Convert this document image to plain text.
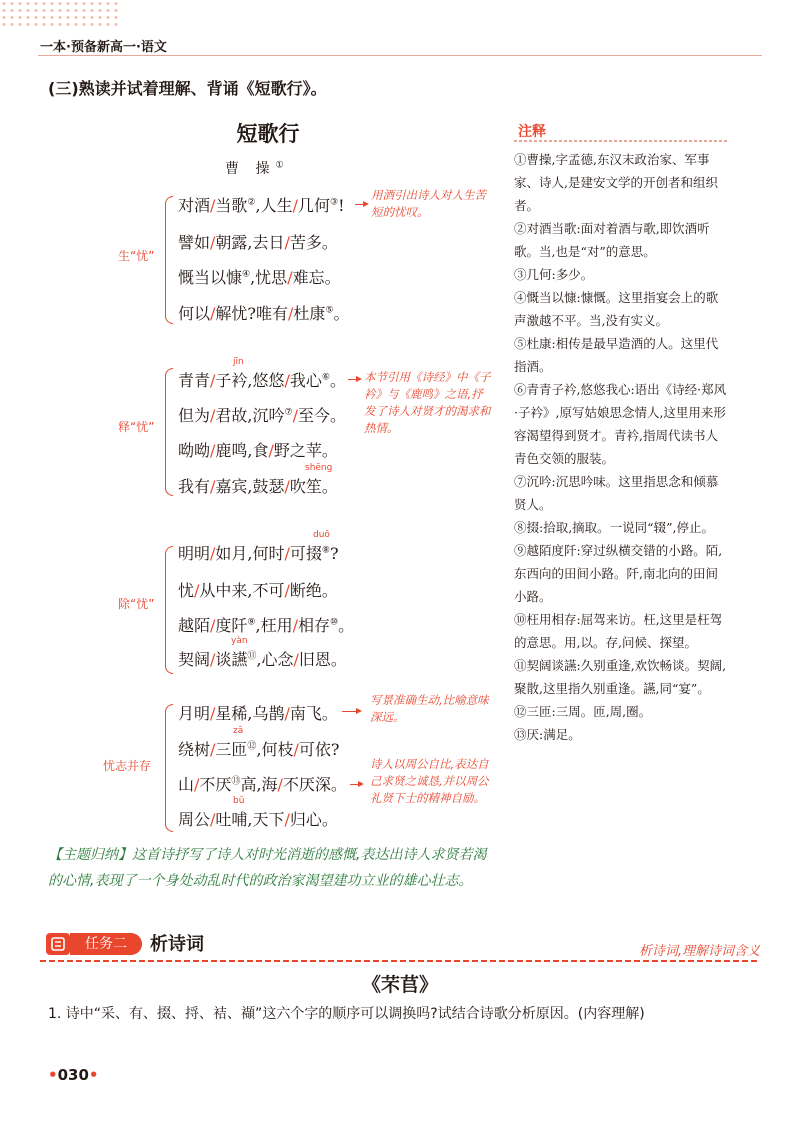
一本·预备新高一·语文
(三)熟读并试着理解、背诵《短歌行》。
短歌行
曹 操①
生“忧”
释“忧”
除“忧”
忧志并存
对酒/当歌②,人生/几何③!
譬如/朝露,去日/苦多。
慨当以慷④,忧思/难忘。
何以/解忧?唯有/杜康⑤。
jīn
青青/子衿,悠悠/我心⑥。
但为/君故,沉吟⑦/至今。
呦呦/鹿鸣,食/野之苹。
shēng
我有/嘉宾,鼓瑟/吹笙。
duō
明明/如月,何时/可掇⑧?
忧/从中来,不可/断绝。
越陌/度阡⑨,枉用/相存⑩。
yàn
契阔/谈讌⑪,心念/旧恩。
月明/星稀,乌鹊/南飞。
zā
绕树/三匝⑫,何枝/可依?
山/不厌⑬高,海/不厌深。
bǔ
周公/吐哺,天下/归心。
用酒引出诗人对人生苦短的忧叹。
本节引用《诗经》中《子衿》与《鹿鸣》之语,抒发了诗人对贤才的渴求和热情。
写景准确生动,比喻意味深远。
诗人以周公自比,表达自己求贤之诚恳,并以周公礼贤下士的精神自励。
注释

①曹操,字孟德,东汉末政治家、军事家、诗人,是建安文学的开创者和组织者。

②对酒当歌:面对着酒与歌,即饮酒听歌。当,也是“对”的意思。

③几何:多少。

④慨当以慷:慷慨。这里指宴会上的歌声激越不平。当,没有实义。

⑤杜康:相传是最早造酒的人。这里代指酒。

⑥青青子衿,悠悠我心:语出《诗经·郑风·子衿》,原写姑娘思念情人,这里用来形容渴望得到贤才。青衿,指周代读书人青色交领的服装。

⑦沉吟:沉思吟味。这里指思念和倾慕贤人。

⑧掇:拾取,摘取。一说同“辍”,停止。

⑨越陌度阡:穿过纵横交错的小路。陌,东西向的田间小路。阡,南北向的田间小路。

⑩枉用相存:屈驾来访。枉,这里是枉驾的意思。用,以。存,问候、探望。

⑪契阔谈讌:久别重逢,欢饮畅谈。契阔,聚散,这里指久别重逢。讌,同“宴”。

⑫三匝:三周。匝,周,圈。

⑬厌:满足。

【主题归纳】这首诗抒写了诗人对时光消逝的感慨,表达出诗人求贤若渴的心情,表现了一个身处动乱时代的政治家渴望建功立业的雄心壮志。
任务二	析诗词	析诗词,理解诗词含义
《芣苢》
1. 诗中“采、有、掇、捋、袺、襭”这六个字的顺序可以调换吗?试结合诗歌分析原因。(内容理解)
•030•
